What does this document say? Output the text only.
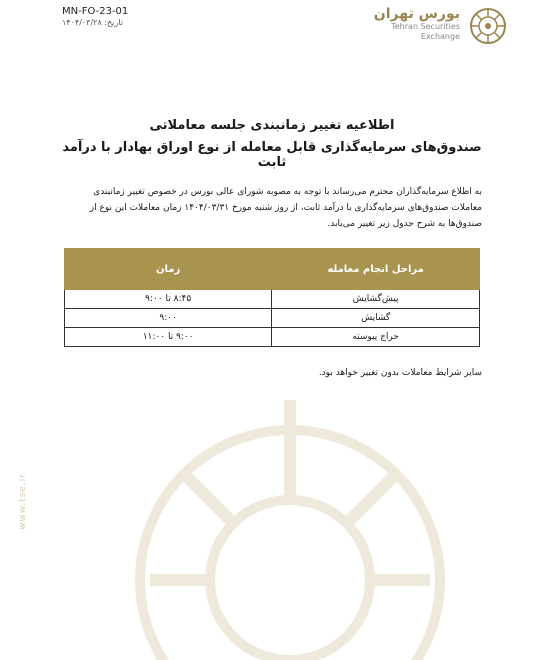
MN-FO-23-01
تاریخ: ۱۴۰۴/۰۳/۲۸
بورس تهران
Tehran Securities
Exchange
www.tse.ir
اطلاعیه تغییر زمانبندی جلسه معاملاتی
صندوق‌های سرمایه‌گذاری قابل معامله از نوع اوراق بهادار با درآمد ثابت
به اطلاع سرمایه‌گذاران محترم می‌رساند با توجه به مصوبه شورای عالی بورس در خصوص تغییر زمانبندی معاملات صندوق‌های سرمایه‌گذاری با درآمد ثابت، از روز شنبه مورخ ۱۴۰۴/۰۳/۳۱ زمان معاملات این نوع از صندوق‌ها به شرح جدول زیر تغییر می‌یابد.
مراحل انجام معامله	زمان
پیش‌گشایش	۸:۴۵ تا ۹:۰۰
گشایش	۹:۰۰
حراج پیوسته	۹:۰۰ تا ۱۱:۰۰
سایر شرایط معاملات بدون تغییر خواهد بود.
